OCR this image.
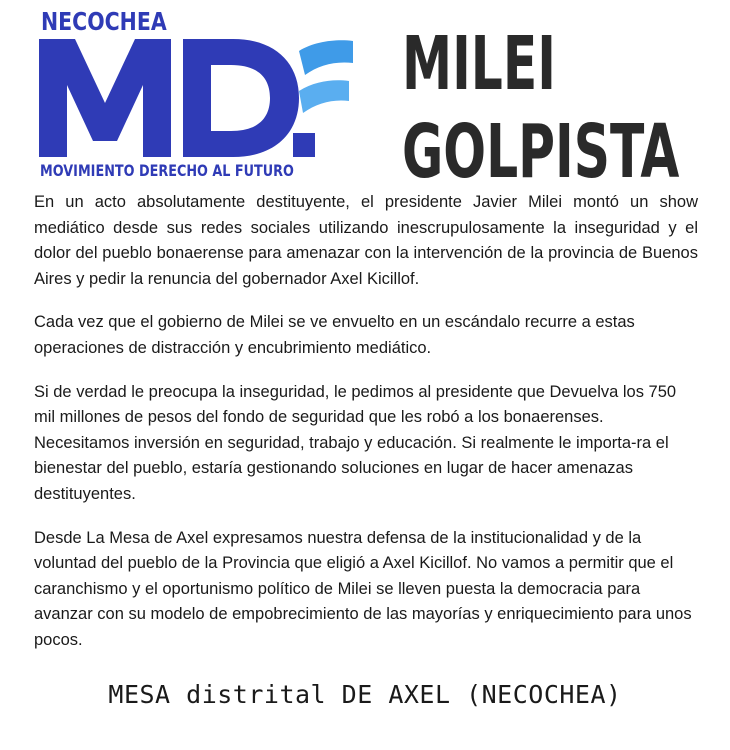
NECOCHEA
MOVIMIENTO DERECHO AL FUTURO
MILEI
GOLPISTA

En un acto absolutamente destituyente, el presidente Javier Milei montó un show mediático desde sus redes sociales utilizando inescrupulosamente la inseguridad y el dolor del pueblo bonaerense para amenazar con la intervención de la provincia de Buenos Aires y pedir la renuncia del gobernador Axel Kicillof.

Cada vez que el gobierno de Milei se ve envuelto en un escándalo recurre a estas operaciones de distracción y encubrimiento mediático.

Si de verdad le preocupa la inseguridad, le pedimos al presidente que Devuelva los 750 mil millones de pesos del fondo de seguridad que les robó a los bonaerenses. Necesitamos inversión en seguridad, trabajo y educación. Si realmente le importa-ra el bienestar del pueblo, estaría gestionando soluciones en lugar de hacer amenazas destituyentes.

Desde La Mesa de Axel expresamos nuestra defensa de la institucionalidad y de la voluntad del pueblo de la Provincia que eligió a Axel Kicillof. No vamos a permitir que el caranchismo y el oportunismo político de Milei se lleven puesta la democracia para avanzar con su modelo de empobrecimiento de las mayorías y enriquecimiento para unos pocos.

MESA distrital DE AXEL (NECOCHEA)
